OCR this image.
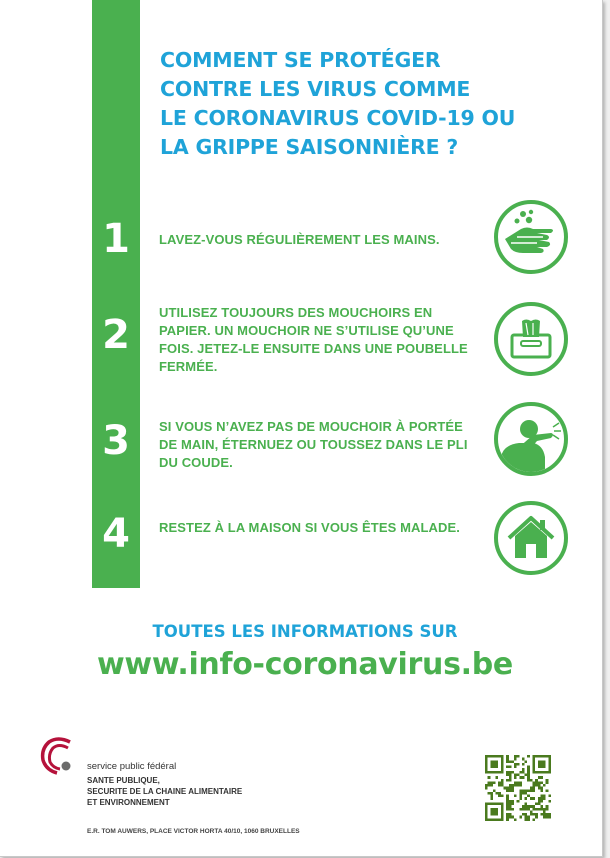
COMMENT SE PROTÉGER
CONTRE LES VIRUS COMME
LE CORONAVIRUS COVID-19 OU
LA GRIPPE SAISONNIÈRE ?
1	LAVEZ-VOUS RÉGULIÈREMENT LES MAINS.
2	UTILISEZ TOUJOURS DES MOUCHOIRS EN
PAPIER. UN MOUCHOIR NE S’UTILISE QU’UNE
FOIS. JETEZ-LE ENSUITE DANS UNE POUBELLE
FERMÉE.
3	SI VOUS N’AVEZ PAS DE MOUCHOIR À PORTÉE
DE MAIN, ÉTERNUEZ OU TOUSSEZ DANS LE PLI
DU COUDE.
4	RESTEZ À LA MAISON SI VOUS ÊTES MALADE.
TOUTES LES INFORMATIONS SUR
www.info-coronavirus.be
service public fédéral
SANTE PUBLIQUE,
SECURITE DE LA CHAINE ALIMENTAIRE
ET ENVIRONNEMENT
E.R. TOM AUWERS, PLACE VICTOR HORTA 40/10, 1060 BRUXELLES
